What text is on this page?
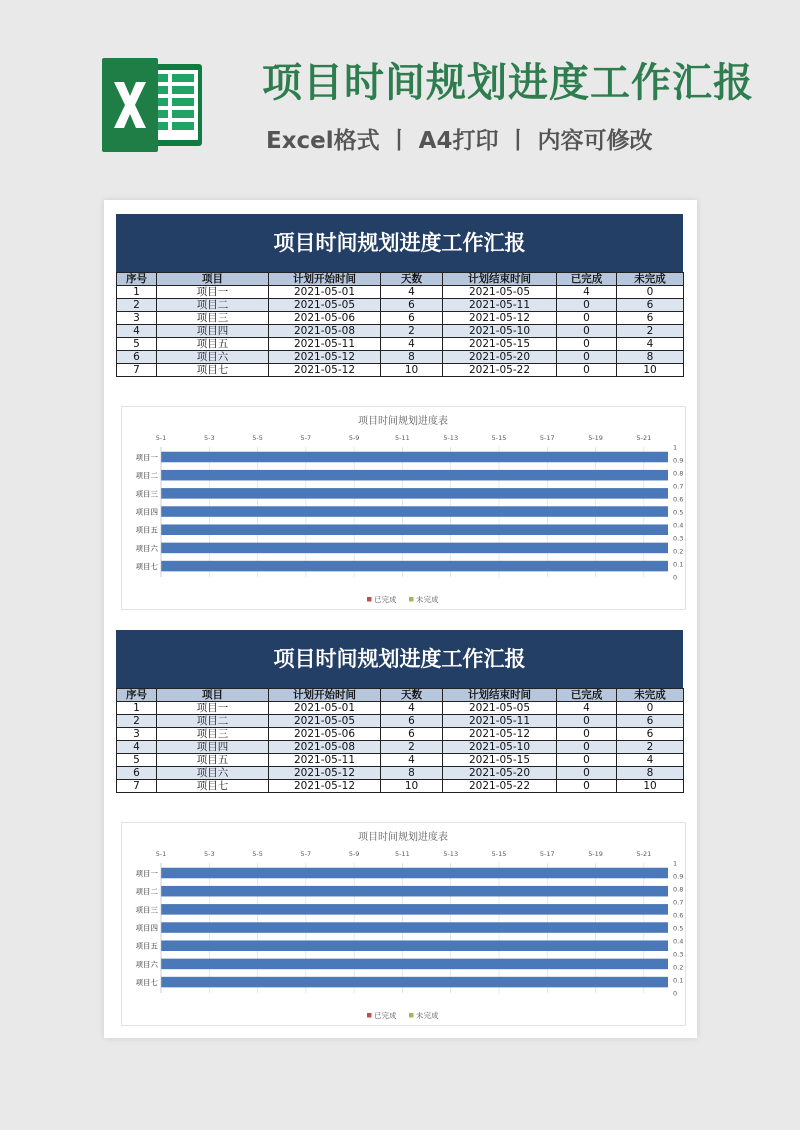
项目时间规划进度工作汇报
Excel格式 丨 A4打印 丨 内容可修改
项目时间规划进度工作汇报
序号	项目	计划开始时间	天数	计划结束时间	已完成	未完成
1	项目一	2021-05-01	4	2021-05-05	4	0
2	项目二	2021-05-05	6	2021-05-11	0	6
3	项目三	2021-05-06	6	2021-05-12	0	6
4	项目四	2021-05-08	2	2021-05-10	0	2
5	项目五	2021-05-11	4	2021-05-15	0	4
6	项目六	2021-05-12	8	2021-05-20	0	8
7	项目七	2021-05-12	10	2021-05-22	0	10
项目时间规划进度表
5-1	5-3	5-5	5-7	5-9	5-11	5-13	5-15	5-17	5-19	5-21
1
0.9
0.8
0.7
0.6
0.5
0.4
0.3
0.2
0.1
0
项目一
项目二
项目三
项目四
项目五
项目六
项目七
已完成	未完成
项目时间规划进度工作汇报
序号	项目	计划开始时间	天数	计划结束时间	已完成	未完成
1	项目一	2021-05-01	4	2021-05-05	4	0
2	项目二	2021-05-05	6	2021-05-11	0	6
3	项目三	2021-05-06	6	2021-05-12	0	6
4	项目四	2021-05-08	2	2021-05-10	0	2
5	项目五	2021-05-11	4	2021-05-15	0	4
6	项目六	2021-05-12	8	2021-05-20	0	8
7	项目七	2021-05-12	10	2021-05-22	0	10
项目时间规划进度表
5-1	5-3	5-5	5-7	5-9	5-11	5-13	5-15	5-17	5-19	5-21
1
0.9
0.8
0.7
0.6
0.5
0.4
0.3
0.2
0.1
0
项目一
项目二
项目三
项目四
项目五
项目六
项目七
已完成	未完成
